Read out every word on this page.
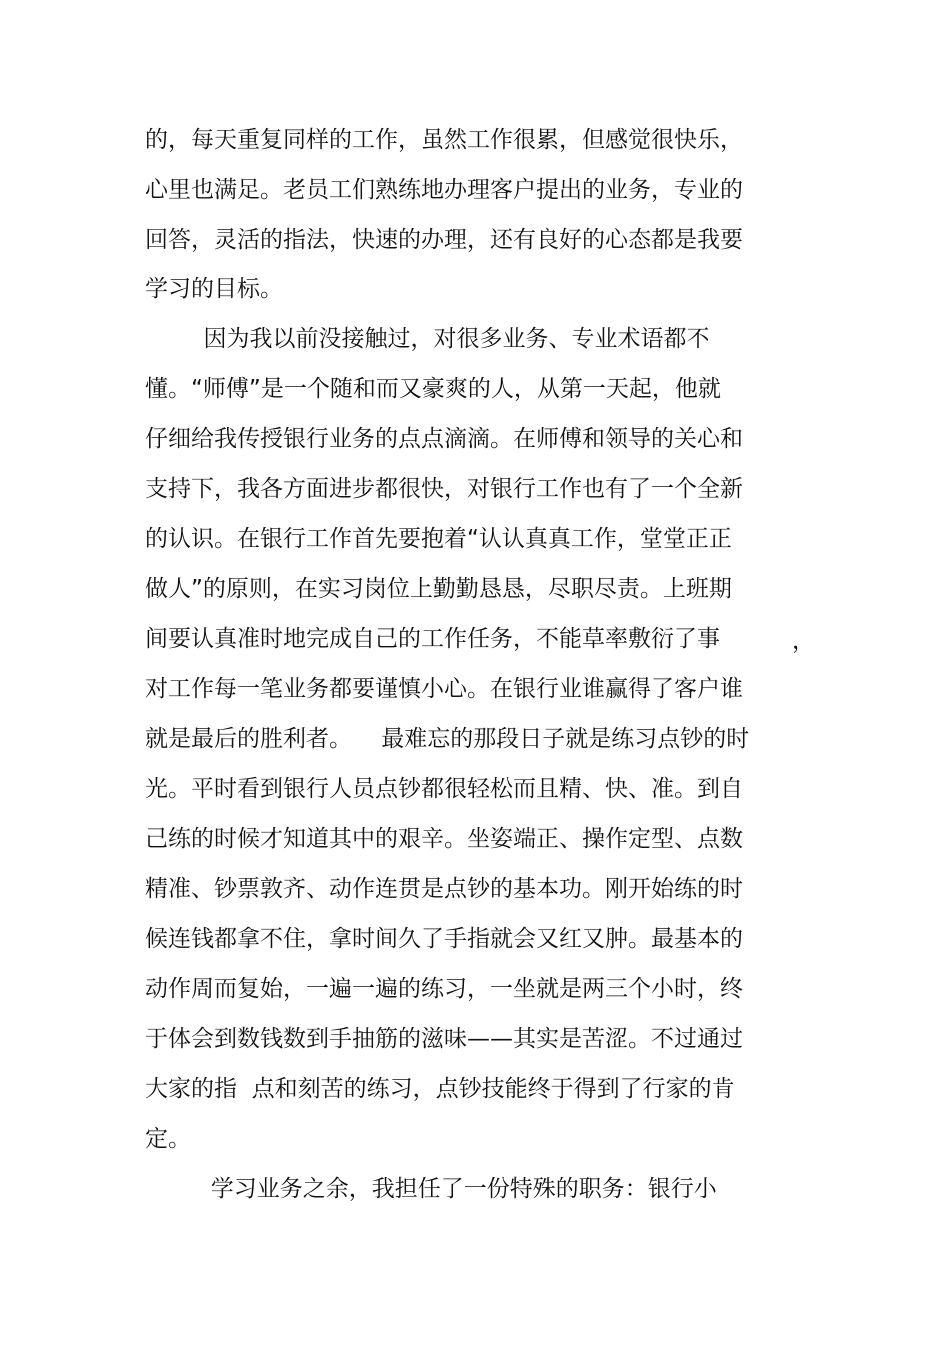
的，每天重复同样的工作，虽然工作很累，但感觉很快乐，

心里也满足。老员工们熟练地办理客户提出的业务，专业的

回答，灵活的指法，快速的办理，还有良好的心态都是我要

学习的目标。

因为我以前没接触过，对很多业务、专业术语都不

懂。“师傅”是一个随和而又豪爽的人，从第一天起，他就

仔细给我传授银行业务的点点滴滴。在师傅和领导的关心和

支持下，我各方面进步都很快，对银行工作也有了一个全新

的认识。在银行工作首先要抱着“认认真真工作，堂堂正正

做人”的原则，在实习岗位上勤勤恳恳，尽职尽责。上班期

间要认真准时地完成自己的工作任务，不能草率敷衍了事	，

对工作每一笔业务都要谨慎小心。在银行业谁赢得了客户谁

就是最后的胜利者。    最难忘的那段日子就是练习点钞的时

光。平时看到银行人员点钞都很轻松而且精、快、准。到自

己练的时候才知道其中的艰辛。坐姿端正、操作定型、点数

精准、钞票敦齐、动作连贯是点钞的基本功。刚开始练的时

候连钱都拿不住，拿时间久了手指就会又红又肿。最基本的

动作周而复始，一遍一遍的练习，一坐就是两三个小时，终

于体会到数钱数到手抽筋的滋味——其实是苦涩。不过通过

大家的指  点和刻苦的练习，点钞技能终于得到了行家的肯

定。

学习业务之余，我担任了一份特殊的职务：银行小
